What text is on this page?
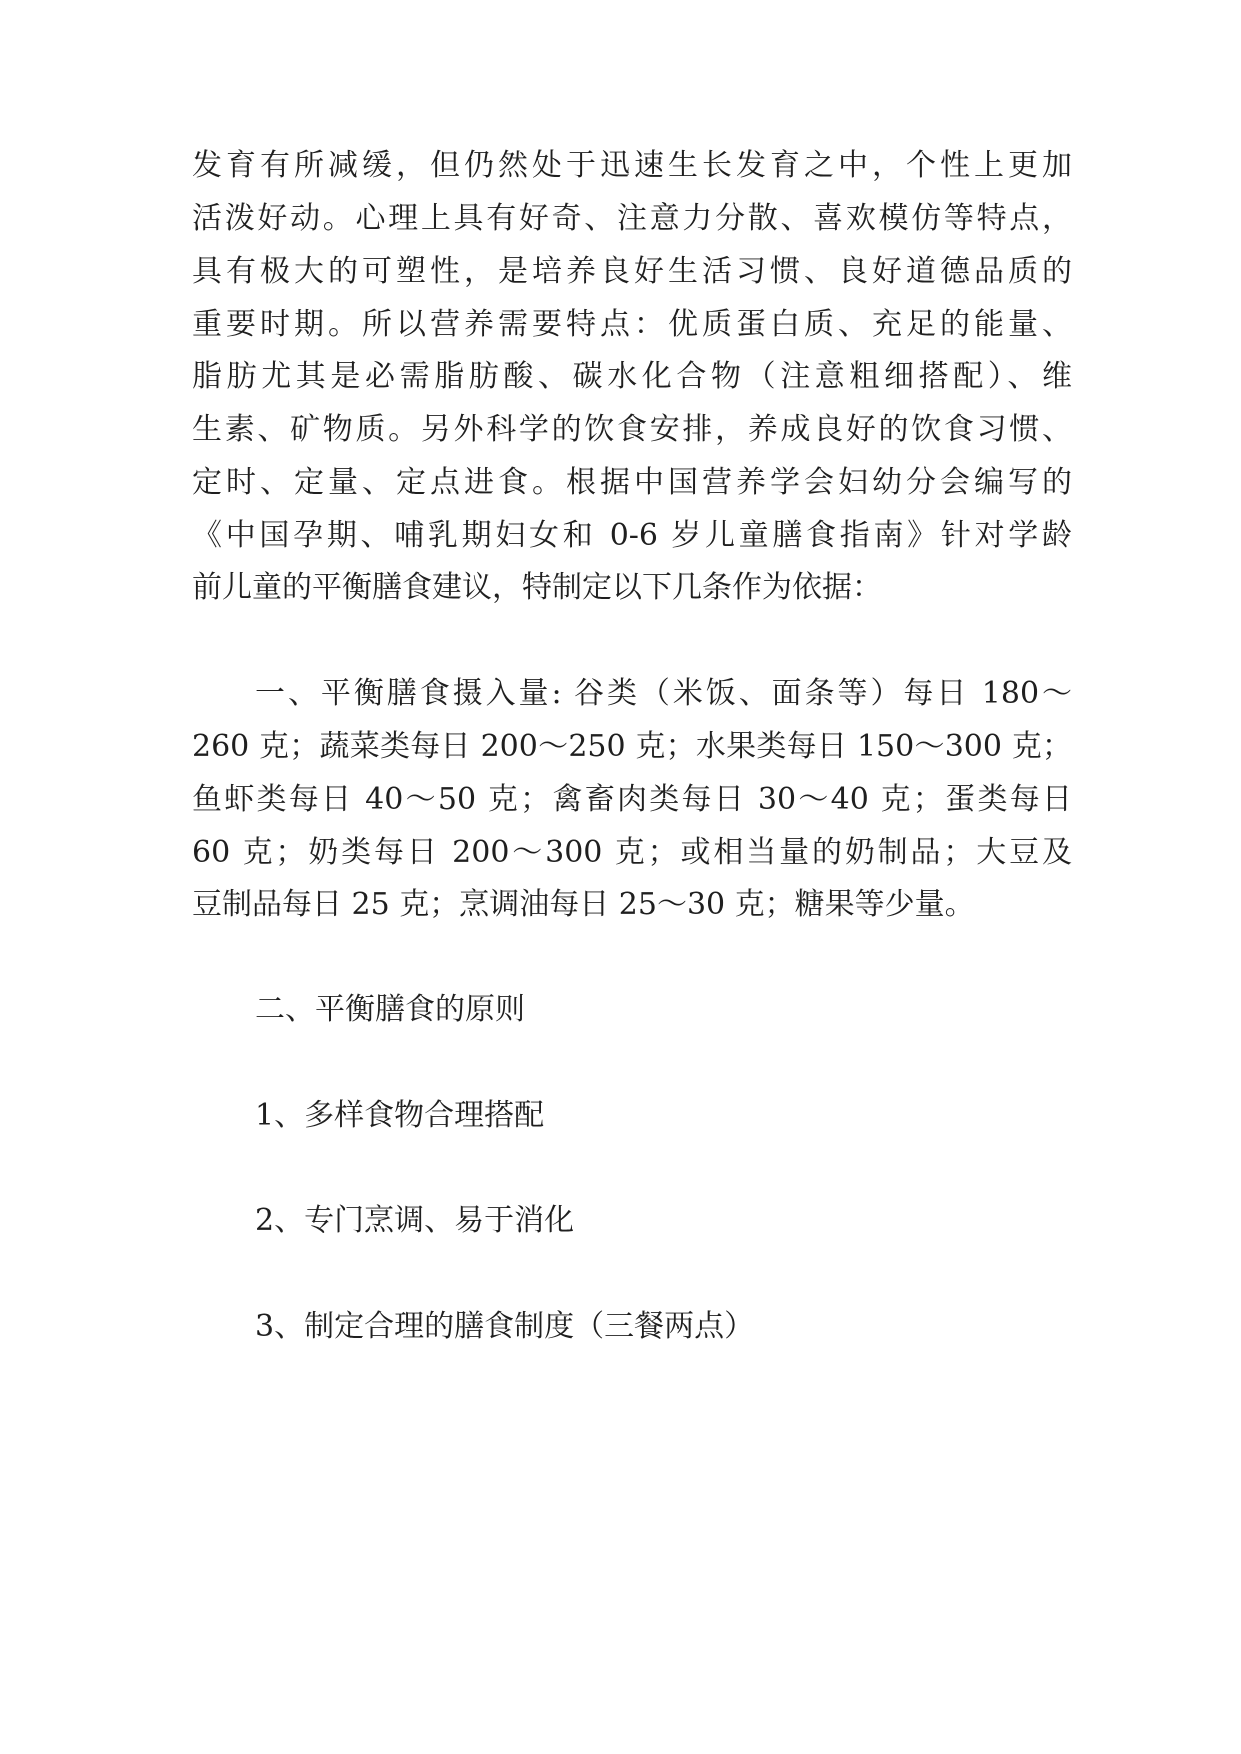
发育有所减缓，但仍然处于迅速生长发育之中，个性上更加
活泼好动。心理上具有好奇、注意力分散、喜欢模仿等特点，
具有极大的可塑性，是培养良好生活习惯、良好道德品质的
重要时期。所以营养需要特点：优质蛋白质、充足的能量、
脂肪尤其是必需脂肪酸、碳水化合物（注意粗细搭配）、维
生素、矿物质。另外科学的饮食安排，养成良好的饮食习惯、
定时、定量、定点进食。根据中国营养学会妇幼分会编写的
《中国孕期、哺乳期妇女和 0-6 岁儿童膳食指南》针对学龄
前儿童的平衡膳食建议，特制定以下几条作为依据：
一、平衡膳食摄入量: 谷类（米饭、面条等）每日 180～
260 克；蔬菜类每日 200～250 克；水果类每日 150～300 克；
鱼虾类每日 40～50 克；禽畜肉类每日 30～40 克；蛋类每日
60 克；奶类每日 200～300 克；或相当量的奶制品；大豆及
豆制品每日 25 克；烹调油每日 25～30 克；糖果等少量。
二、平衡膳食的原则
1、多样食物合理搭配
2、专门烹调、易于消化
3、制定合理的膳食制度（三餐两点）
